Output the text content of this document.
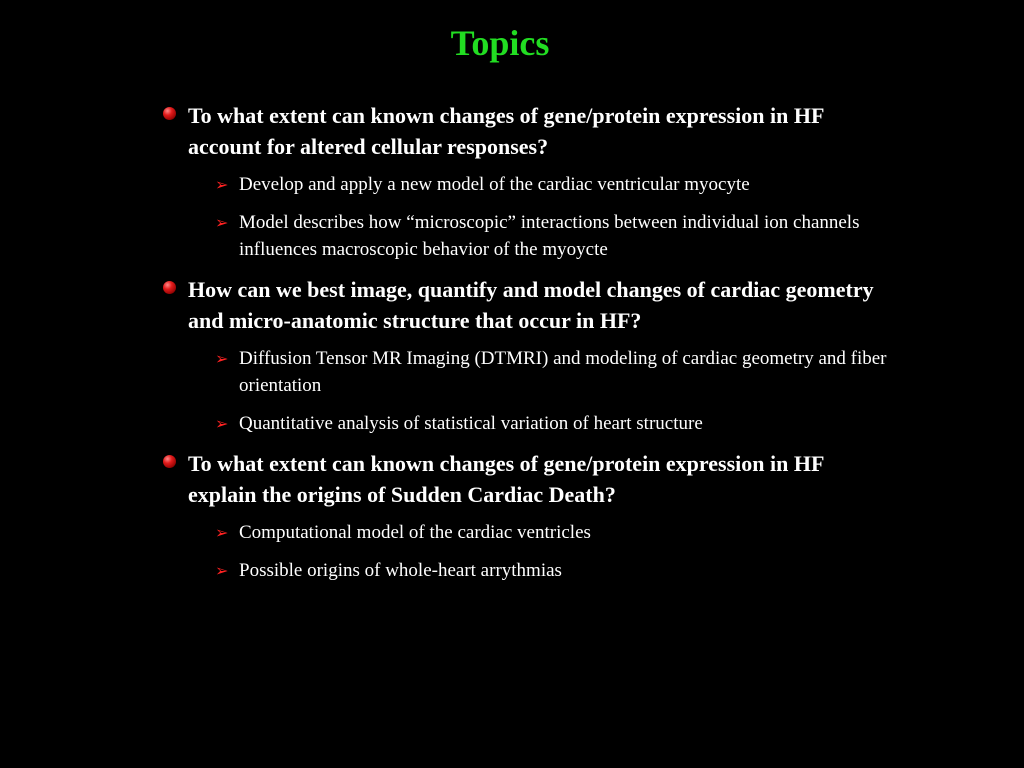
Topics
To what extent can known changes of gene/protein expression in HF account for altered cellular responses?
➢ Develop and apply a new model of the cardiac ventricular myocyte
➢ Model describes how “microscopic” interactions between individual ion channels influences macroscopic behavior of the myoycte
How can we best image, quantify and model changes of cardiac geometry and micro-anatomic structure that occur in HF?
➢ Diffusion Tensor MR Imaging (DTMRI) and modeling of cardiac geometry and fiber orientation
➢ Quantitative analysis of statistical variation of heart structure
To what extent can known changes of gene/protein expression in HF explain the origins of Sudden Cardiac Death?
➢ Computational model of the cardiac ventricles
➢ Possible origins of whole-heart arrythmias
